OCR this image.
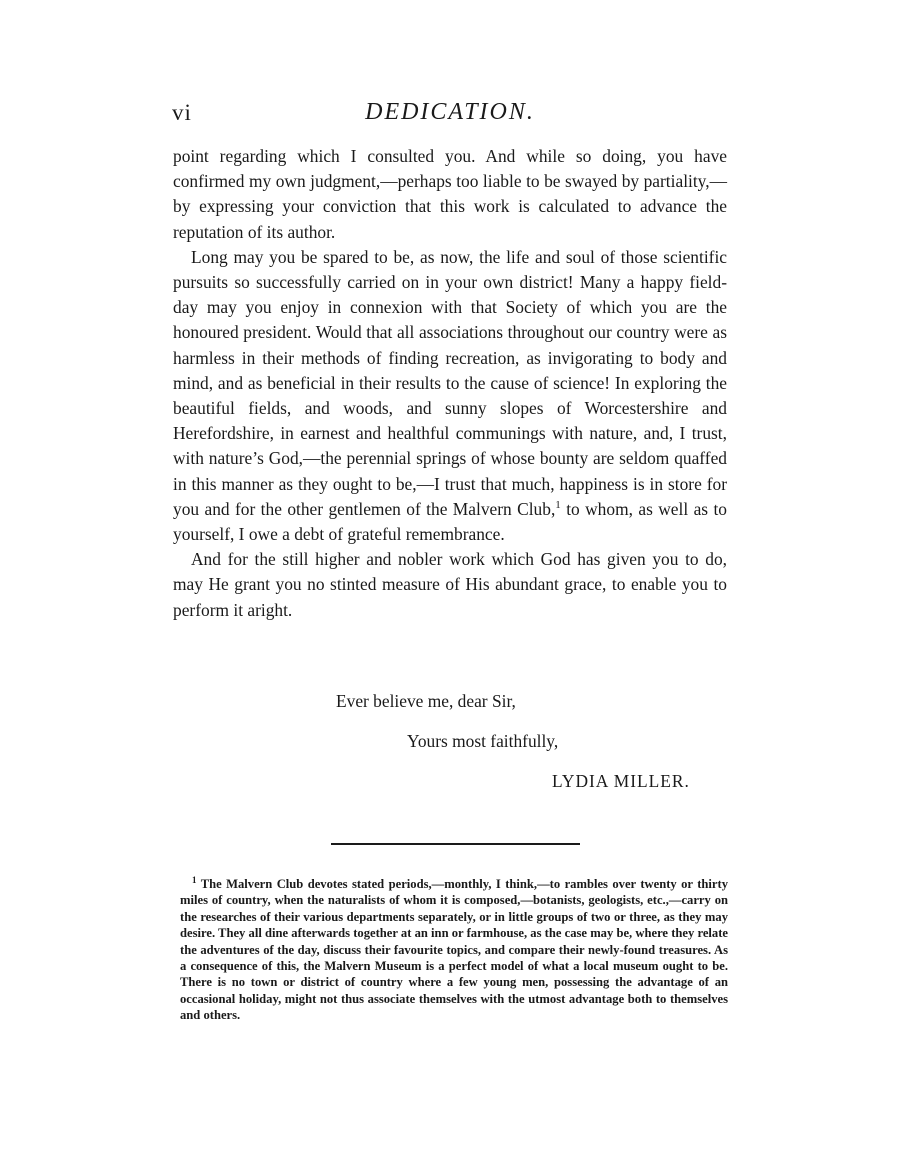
vi	DEDICATION.

point regarding which I consulted you. And while so doing, you have confirmed my own judgment,—perhaps too liable to be swayed by partiality,—by expressing your conviction that this work is calculated to advance the reputation of its author.

Long may you be spared to be, as now, the life and soul of those scientific pursuits so successfully carried on in your own district! Many a happy field-day may you enjoy in connexion with that Society of which you are the honoured president. Would that all associations throughout our country were as harmless in their methods of finding recreation, as invigorating to body and mind, and as beneficial in their results to the cause of science! In exploring the beautiful fields, and woods, and sunny slopes of Worcestershire and Herefordshire, in earnest and healthful communings with nature, and, I trust, with nature’s God,—the perennial springs of whose bounty are seldom quaffed in this manner as they ought to be,—I trust that much, happiness is in store for you and for the other gentlemen of the Malvern Club,$^1$ to whom, as well as to yourself, I owe a debt of grateful remembrance.

And for the still higher and nobler work which God has given you to do, may He grant you no stinted measure of His abundant grace, to enable you to perform it aright.

Ever believe me, dear Sir,
Yours most faithfully,
LYDIA MILLER.

$^1$ The Malvern Club devotes stated periods,—monthly, I think,—to rambles over twenty or thirty miles of country, when the naturalists of whom it is composed,—botanists, geologists, etc.,—carry on the researches of their various departments separately, or in little groups of two or three, as they may desire. They all dine afterwards together at an inn or farmhouse, as the case may be, where they relate the adventures of the day, discuss their favourite topics, and compare their newly-found treasures. As a consequence of this, the Malvern Museum is a perfect model of what a local museum ought to be. There is no town or district of country where a few young men, possessing the advantage of an occasional holiday, might not thus associate themselves with the utmost advantage both to themselves and others.
